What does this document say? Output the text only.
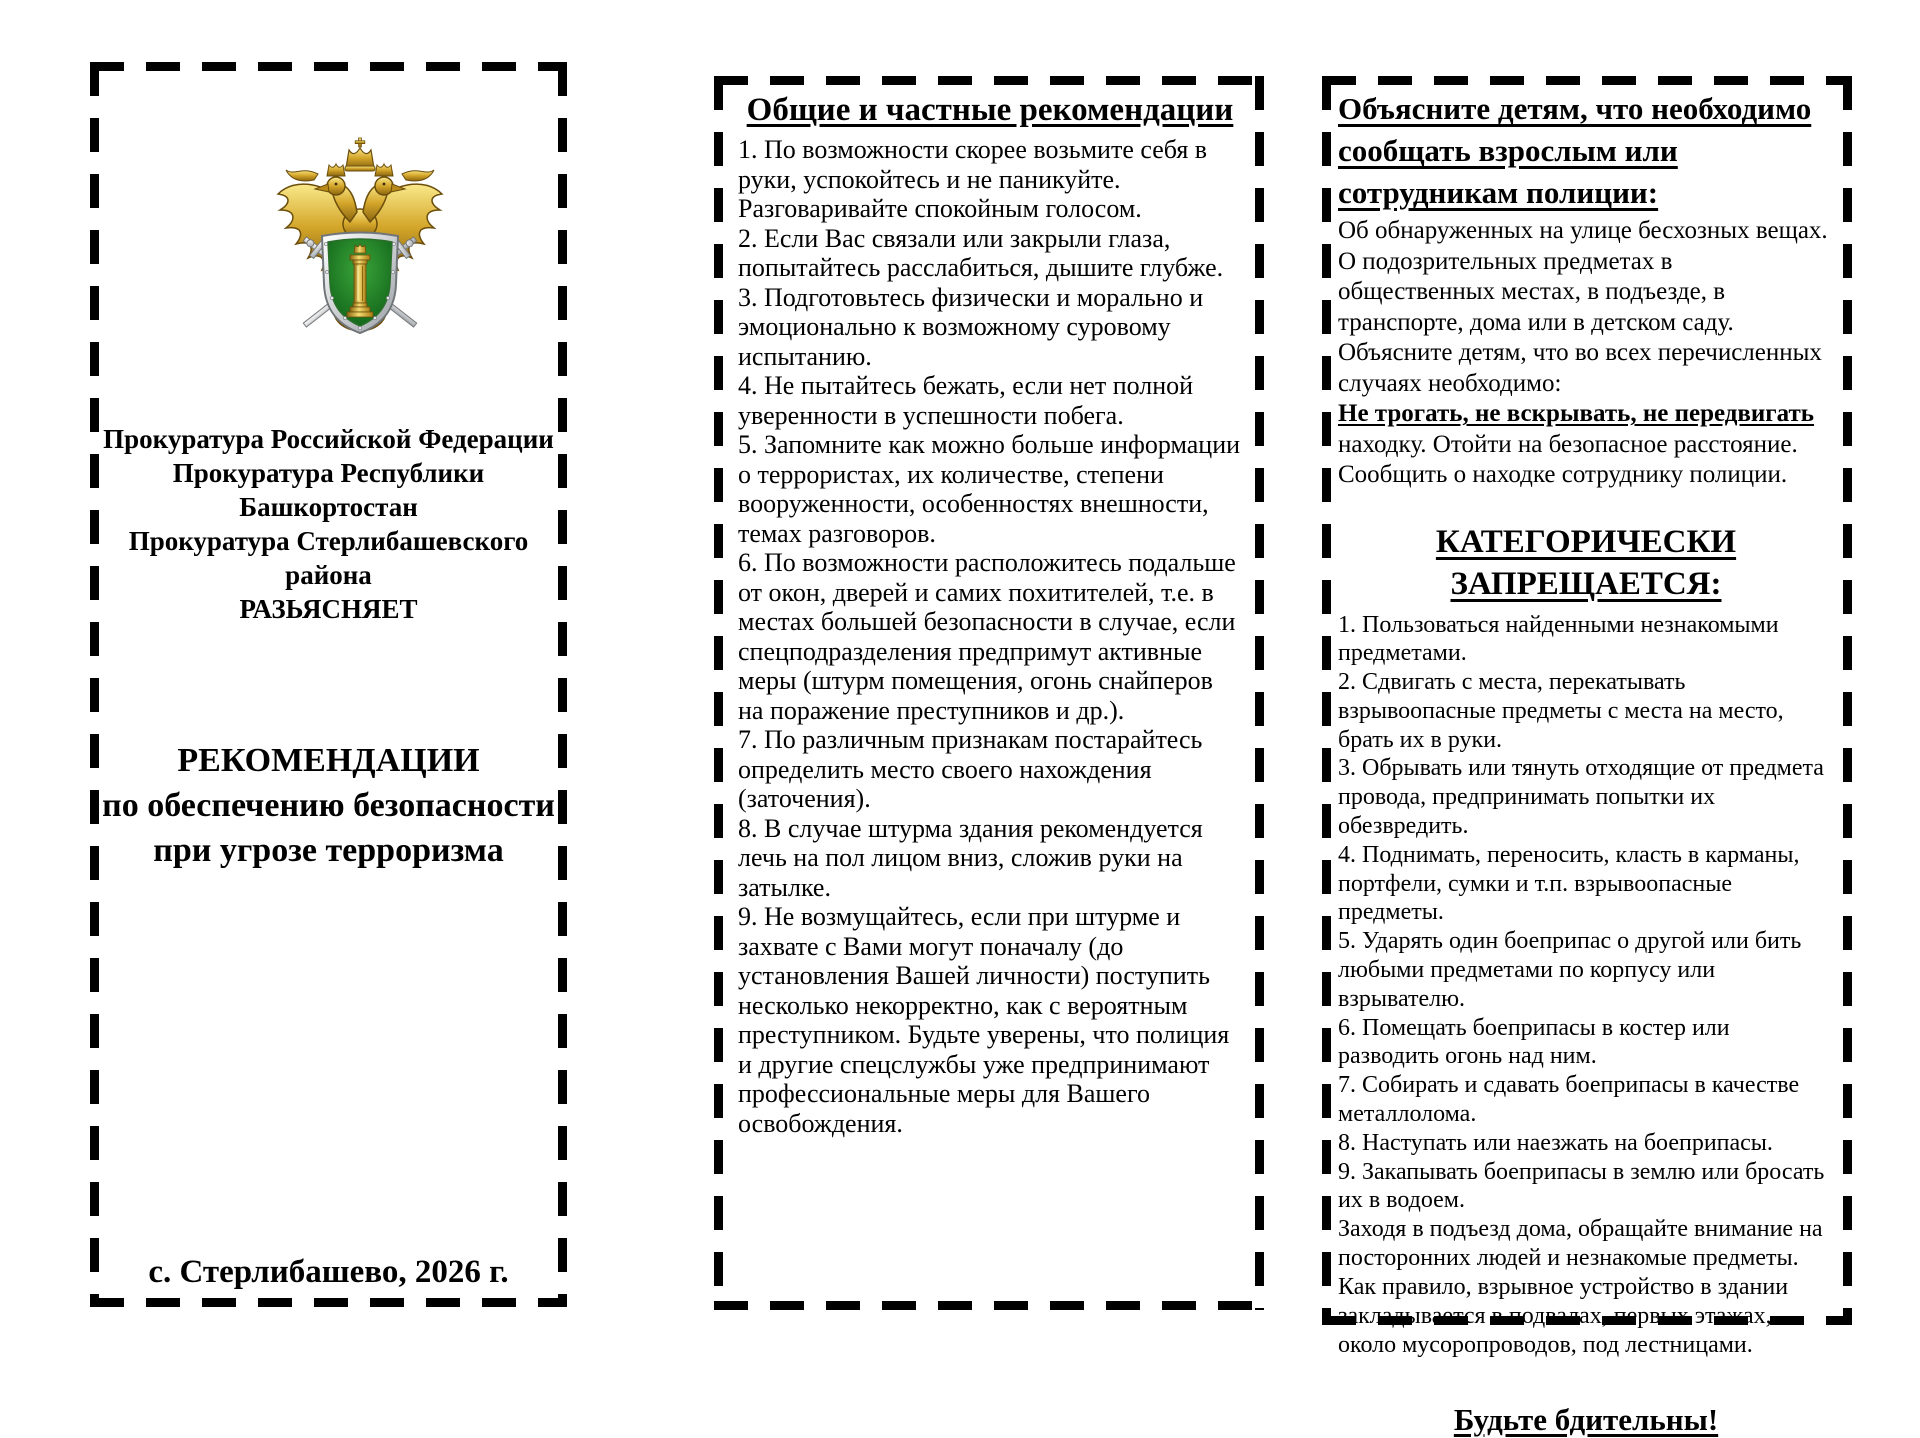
Прокуратура Российской Федерации
Прокуратура Республики Башкортостан
Прокуратура Стерлибашевского района
РАЗЬЯСНЯЕТ
РЕКОМЕНДАЦИИ
по обеспечению безопасности
при угрозе терроризма
с. Стерлибашево, 2026 г.
Общие и частные рекомендации

1. По возможности скорее возьмите себя в руки, успокойтесь и не паникуйте. Разговаривайте спокойным голосом.

2. Если Вас связали или закрыли глаза, попытайтесь расслабиться, дышите глубже.

3. Подготовьтесь физически и морально и эмоционально к возможному суровому испытанию.

4. Не пытайтесь бежать, если нет полной уверенности в успешности побега.

5. Запомните как можно больше информации о террористах, их количестве, степени вооруженности, особенностях внешности, темах разговоров.

6. По возможности расположитесь подальше от окон, дверей и самих похитителей, т.е. в местах большей безопасности в случае, если спецподразделения предпримут активные меры (штурм помещения, огонь снайперов на поражение преступников и др.).

7. По различным признакам постарайтесь определить место своего нахождения (заточения).

8. В случае штурма здания рекомендуется лечь на пол лицом вниз, сложив руки на затылке.

9. Не возмущайтесь, если при штурме и захвате с Вами могут поначалу (до установления Вашей личности) поступить несколько некорректно, как с вероятным преступником. Будьте уверены, что полиция и другие спецслужбы уже предпринимают профессиональные меры для Вашего освобождения.

Объясните детям, что необходимо сообщать взрослым или сотрудникам полиции:

Об обнаруженных на улице бесхозных вещах. О подозрительных предметах в общественных местах, в подъезде, в транспорте, дома или в детском саду. Объясните детям, что во всех перечисленных случаях необходимо:

Не трогать, не вскрывать, не передвигать находку. Отойти на безопасное расстояние. Сообщить о находке сотруднику полиции.

КАТЕГОРИЧЕСКИ ЗАПРЕЩАЕТСЯ:

1. Пользоваться найденными незнакомыми предметами.

2. Сдвигать с места, перекатывать взрывоопасные предметы с места на место, брать их в руки.

3. Обрывать или тянуть отходящие от предмета провода, предпринимать попытки их обезвредить.

4. Поднимать, переносить, класть в карманы, портфели, сумки и т.п. взрывоопасные предметы.

5. Ударять один боеприпас о другой или бить любыми предметами по корпусу или взрывателю.

6. Помещать боеприпасы в костер или разводить огонь над ним.

7. Собирать и сдавать боеприпасы в качестве металлолома.

8. Наступать или наезжать на боеприпасы.

9. Закапывать боеприпасы в землю или бросать их в водоем.

Заходя в подъезд дома, обращайте внимание на посторонних людей и незнакомые предметы. Как правило, взрывное устройство в здании закладывается в подвалах, первых этажах, около мусоропроводов, под лестницами.

Будьте бдительны!
